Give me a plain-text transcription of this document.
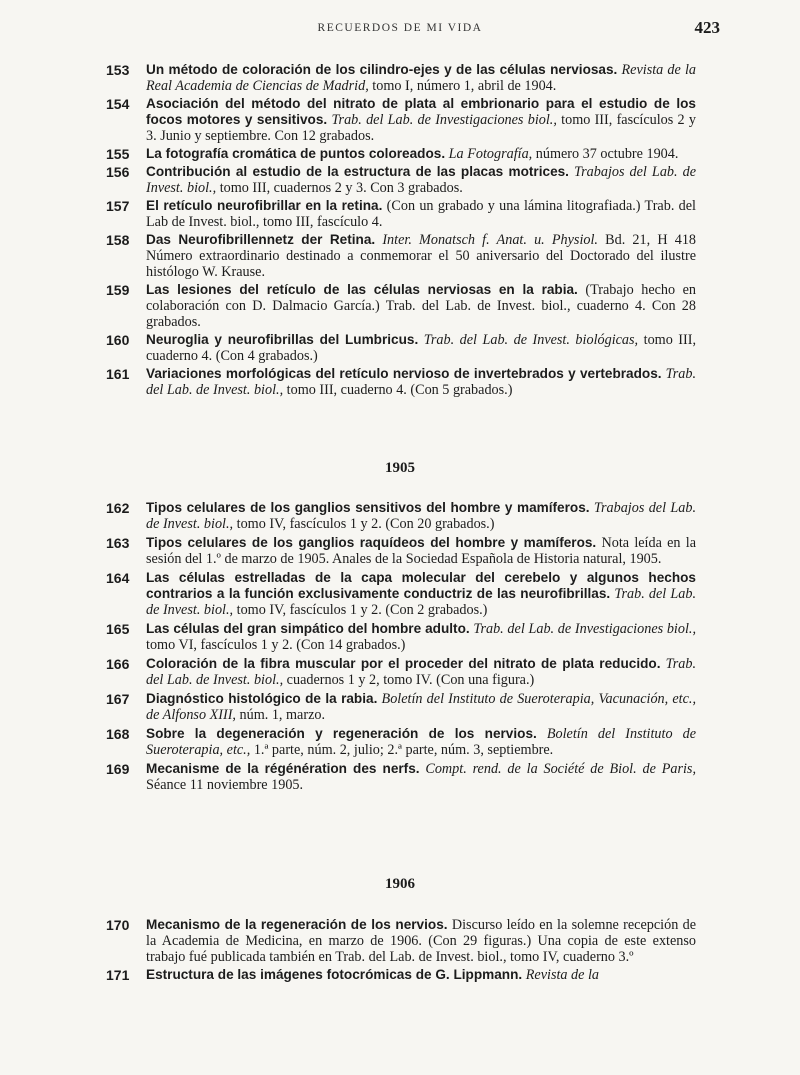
RECUERDOS DE MI VIDA	423
153	Un método de coloración de los cilindro-ejes y de las células nerviosas. Revista de la Real Academia de Ciencias de Madrid, tomo I, número 1, abril de 1904.
154	Asociación del método del nitrato de plata al embrionario para el estudio de los focos motores y sensitivos. Trab. del Lab. de Investigaciones biol., tomo III, fascículos 2 y 3. Junio y septiembre. Con 12 grabados.
155	La fotografía cromática de puntos coloreados. La Fotografía, número 37 octubre 1904.
156	Contribución al estudio de la estructura de las placas motrices. Trabajos del Lab. de Invest. biol., tomo III, cuadernos 2 y 3. Con 3 grabados.
157	El retículo neurofibrillar en la retina. (Con un grabado y una lámina litografiada.) Trab. del Lab de Invest. biol., tomo III, fascículo 4.
158	Das Neurofibrillennetz der Retina. Inter. Monatsch f. Anat. u. Physiol. Bd. 21, H 418 Número extraordinario destinado a conmemorar el 50 aniversario del Doctorado del ilustre histólogo W. Krause.
159	Las lesiones del retículo de las células nerviosas en la rabia. (Trabajo hecho en colaboración con D. Dalmacio García.) Trab. del Lab. de Invest. biol., cuaderno 4. Con 28 grabados.
160	Neuroglia y neurofibrillas del Lumbricus. Trab. del Lab. de Invest. biológicas, tomo III, cuaderno 4. (Con 4 grabados.)
161	Variaciones morfológicas del retículo nervioso de invertebrados y vertebrados. Trab. del Lab. de Invest. biol., tomo III, cuaderno 4. (Con 5 grabados.)
1905
162	Tipos celulares de los ganglios sensitivos del hombre y mamíferos. Trabajos del Lab. de Invest. biol., tomo IV, fascículos 1 y 2. (Con 20 grabados.)
163	Tipos celulares de los ganglios raquídeos del hombre y mamíferos. Nota leída en la sesión del 1.º de marzo de 1905. Anales de la Sociedad Española de Historia natural, 1905.
164	Las células estrelladas de la capa molecular del cerebelo y algunos hechos contrarios a la función exclusivamente conductriz de las neurofibrillas. Trab. del Lab. de Invest. biol., tomo IV, fascículos 1 y 2. (Con 2 grabados.)
165	Las células del gran simpático del hombre adulto. Trab. del Lab. de Investigaciones biol., tomo VI, fascículos 1 y 2. (Con 14 grabados.)
166	Coloración de la fibra muscular por el proceder del nitrato de plata reducido. Trab. del Lab. de Invest. biol., cuadernos 1 y 2, tomo IV. (Con una figura.)
167	Diagnóstico histológico de la rabia. Boletín del Instituto de Sueroterapia, Vacunación, etc., de Alfonso XIII, núm. 1, marzo.
168	Sobre la degeneración y regeneración de los nervios. Boletín del Instituto de Sueroterapia, etc., 1.ª parte, núm. 2, julio; 2.ª parte, núm. 3, septiembre.
169	Mecanisme de la régénération des nerfs. Compt. rend. de la Société de Biol. de Paris, Séance 11 noviembre 1905.
1906
170	Mecanismo de la regeneración de los nervios. Discurso leído en la solemne recepción de la Academia de Medicina, en marzo de 1906. (Con 29 figuras.) Una copia de este extenso trabajo fué publicada también en Trab. del Lab. de Invest. biol., tomo IV, cuaderno 3.º
171	Estructura de las imágenes fotocrómicas de G. Lippmann. Revista de la
